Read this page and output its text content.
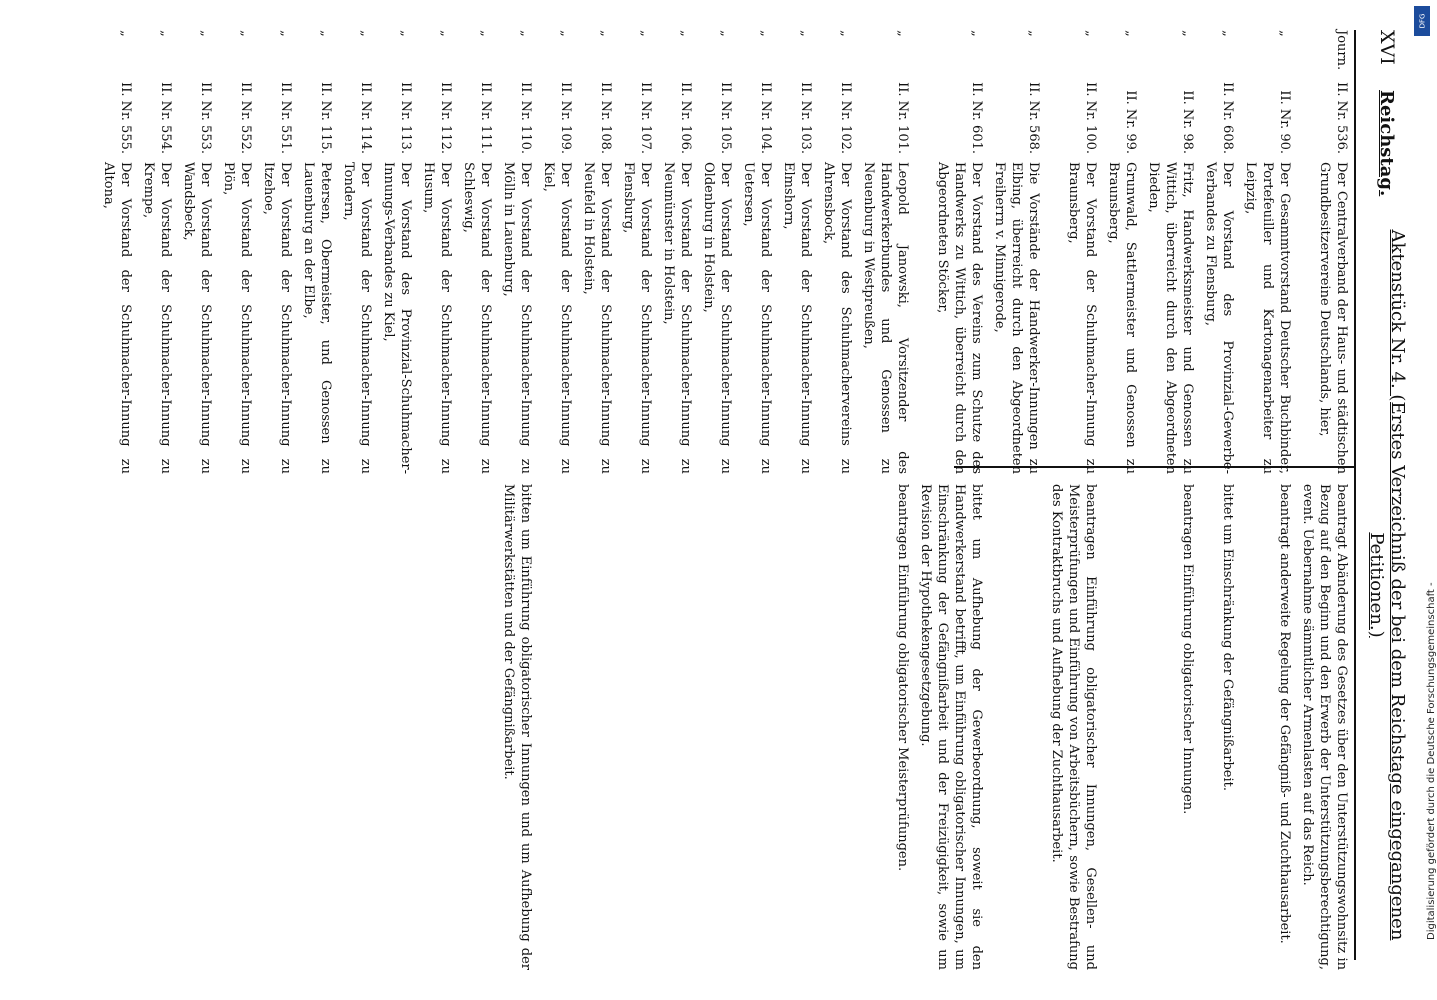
XVI
Reichstag.
Aktenstück Nr. 4. (Erstes Verzeichniß der bei dem Reichstage eingegangenen Petitionen.)
Journ.
II. Nr. 536.
Der Centralverband der Haus- und städtischen Grundbesitzervereine Deutschlands, hier,
beantragt Abänderung des Gesetzes über den Unterstützungswohnsitz in Bezug auf den Beginn und den Erwerb der Unterstützungsberechtigung, event. Uebernahme sämmtlicher Armenlasten auf das Reich.
„
II. Nr. 90.
Der Gesammtvorstand Deutscher Buchbinder, Portefeuiller und Kartonagenarbeiter zu Leipzig,
beantragt anderweite Regelung der Gefängniß- und Zuchthausarbeit.
„
II. Nr. 608.
Der Vorstand des Provinzial-Gewerbe-Verbandes zu Flensburg,
bittet um Einschränkung der Gefängnißarbeit.
„
II. Nr. 98.
Fritz, Handwerksmeister und Genossen zu Wittich, überreicht durch den Abgeordneten Dieden,
beantragen Einführung obligatorischer Innungen.
„
II. Nr. 99.
Grunwald, Sattlermeister und Genossen zu Braunsberg,
„
II. Nr. 100.
Der Vorstand der Schuhmacher-Innung zu Braunsberg,
beantragen Einführung obligatorischer Innungen, Gesellen- und Meisterprüfungen und Einführung von Arbeitsbüchern, sowie Bestrafung des Kontraktbruchs und Aufhebung der Zuchthausarbeit.
„
II. Nr. 568.
Die Vorstände der Handwerker-Innungen zu Elbing, überreicht durch den Abgeordneten Freiherrn v. Minnigerode,
„
II. Nr. 601.
Der Vorstand des Vereins zum Schutze des Handwerks zu Wittich, überreicht durch den Abgeordneten Stöcker,
bittet um Aufhebung der Gewerbeordnung, soweit sie den Handwerkerstand betrifft, um Einführung obligatorischer Innungen, um Einschränkung der Gefängnißarbeit und der Freizügigkeit, sowie um Revision der Hypothekengesetzgebung.
„
II. Nr. 101.
Leopold Janowski, Vorsitzender des Handwerkerbundes und Genossen zu Neuenburg in Westpreußen,
beantragen Einführung obligatorischer Meisterprüfungen.
„
II. Nr. 102.
Der Vorstand des Schuhmachervereins zu Ahrensbock,
„
II. Nr. 103.
Der Vorstand der Schuhmacher-Innung zu Elmshorn,
„
II. Nr. 104.
Der Vorstand der Schuhmacher-Innung zu Uetersen,
„
II. Nr. 105.
Der Vorstand der Schuhmacher-Innung zu Oldenburg in Holstein,
„
II. Nr. 106.
Der Vorstand der Schuhmacher-Innung zu Neumünster in Holstein,
„
II. Nr. 107.
Der Vorstand der Schuhmacher-Innung zu Flensburg,
„
II. Nr. 108.
Der Vorstand der Schuhmacher-Innung zu Neufeld in Holstein,
„
II. Nr. 109.
Der Vorstand der Schuhmacher-Innung zu Kiel,
„
II. Nr. 110.
Der Vorstand der Schuhmacher-Innung zu Mölln in Lauenburg,
bitten um Einführung obligatorischer Innungen und um Aufhebung der Militärwerkstätten und der Gefängnißarbeit.
„
II. Nr. 111.
Der Vorstand der Schuhmacher-Innung zu Schleswig,
„
II. Nr. 112.
Der Vorstand der Schuhmacher-Innung zu Husum,
„
II. Nr. 113.
Der Vorstand des Provinzial-Schuhmacher-Innungs-Verbandes zu Kiel,
„
II. Nr. 114.
Der Vorstand der Schuhmacher-Innung zu Tondern,
„
II. Nr. 115.
Petersen, Obermeister, und Genossen zu Lauenburg an der Elbe,
„
II. Nr. 551.
Der Vorstand der Schuhmacher-Innung zu Itzehoe,
„
II. Nr. 552.
Der Vorstand der Schuhmacher-Innung zu Plön,
„
II. Nr. 553.
Der Vorstand der Schuhmacher-Innung zu Wandsbeck,
„
II. Nr. 554.
Der Vorstand der Schuhmacher-Innung zu Krempe,
„
II. Nr. 555.
Der Vorstand der Schuhmacher-Innung zu Altona,
Digitalisierung gefördert durch die Deutsche Forschungsgemeinschaft -
DFG
